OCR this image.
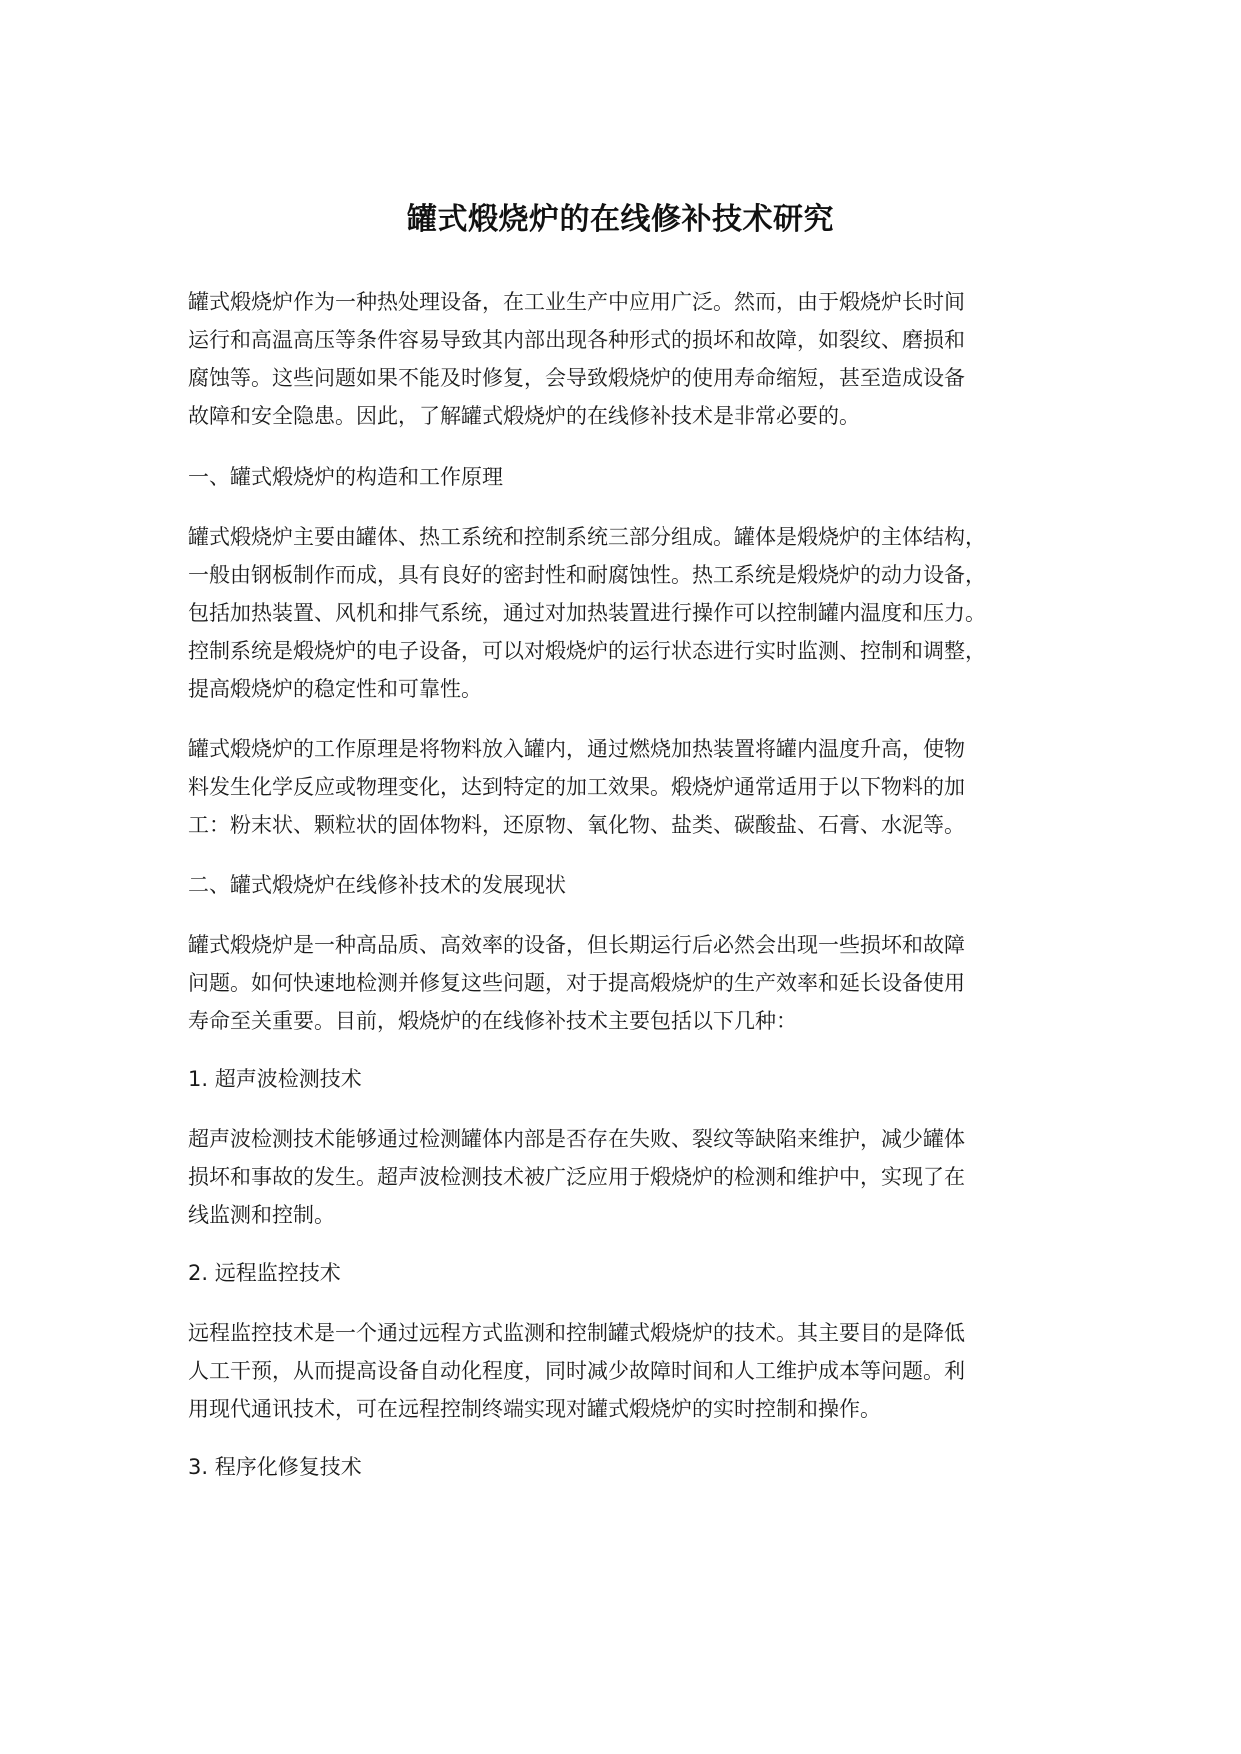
罐式煅烧炉的在线修补技术研究

罐式煅烧炉作为一种热处理设备，在工业生产中应用广泛。然而，由于煅烧炉长时间
运行和高温高压等条件容易导致其内部出现各种形式的损坏和故障，如裂纹、磨损和
腐蚀等。这些问题如果不能及时修复，会导致煅烧炉的使用寿命缩短，甚至造成设备
故障和安全隐患。因此，了解罐式煅烧炉的在线修补技术是非常必要的。

一、罐式煅烧炉的构造和工作原理

罐式煅烧炉主要由罐体、热工系统和控制系统三部分组成。罐体是煅烧炉的主体结构，
一般由钢板制作而成，具有良好的密封性和耐腐蚀性。热工系统是煅烧炉的动力设备，
包括加热装置、风机和排气系统，通过对加热装置进行操作可以控制罐内温度和压力。
控制系统是煅烧炉的电子设备，可以对煅烧炉的运行状态进行实时监测、控制和调整，
提高煅烧炉的稳定性和可靠性。

罐式煅烧炉的工作原理是将物料放入罐内，通过燃烧加热装置将罐内温度升高，使物
料发生化学反应或物理变化，达到特定的加工效果。煅烧炉通常适用于以下物料的加
工：粉末状、颗粒状的固体物料，还原物、氧化物、盐类、碳酸盐、石膏、水泥等。

二、罐式煅烧炉在线修补技术的发展现状

罐式煅烧炉是一种高品质、高效率的设备，但长期运行后必然会出现一些损坏和故障
问题。如何快速地检测并修复这些问题，对于提高煅烧炉的生产效率和延长设备使用
寿命至关重要。目前，煅烧炉的在线修补技术主要包括以下几种：

1. 超声波检测技术

超声波检测技术能够通过检测罐体内部是否存在失败、裂纹等缺陷来维护，减少罐体
损坏和事故的发生。超声波检测技术被广泛应用于煅烧炉的检测和维护中，实现了在
线监测和控制。

2. 远程监控技术

远程监控技术是一个通过远程方式监测和控制罐式煅烧炉的技术。其主要目的是降低
人工干预，从而提高设备自动化程度，同时减少故障时间和人工维护成本等问题。利
用现代通讯技术，可在远程控制终端实现对罐式煅烧炉的实时控制和操作。

3. 程序化修复技术
